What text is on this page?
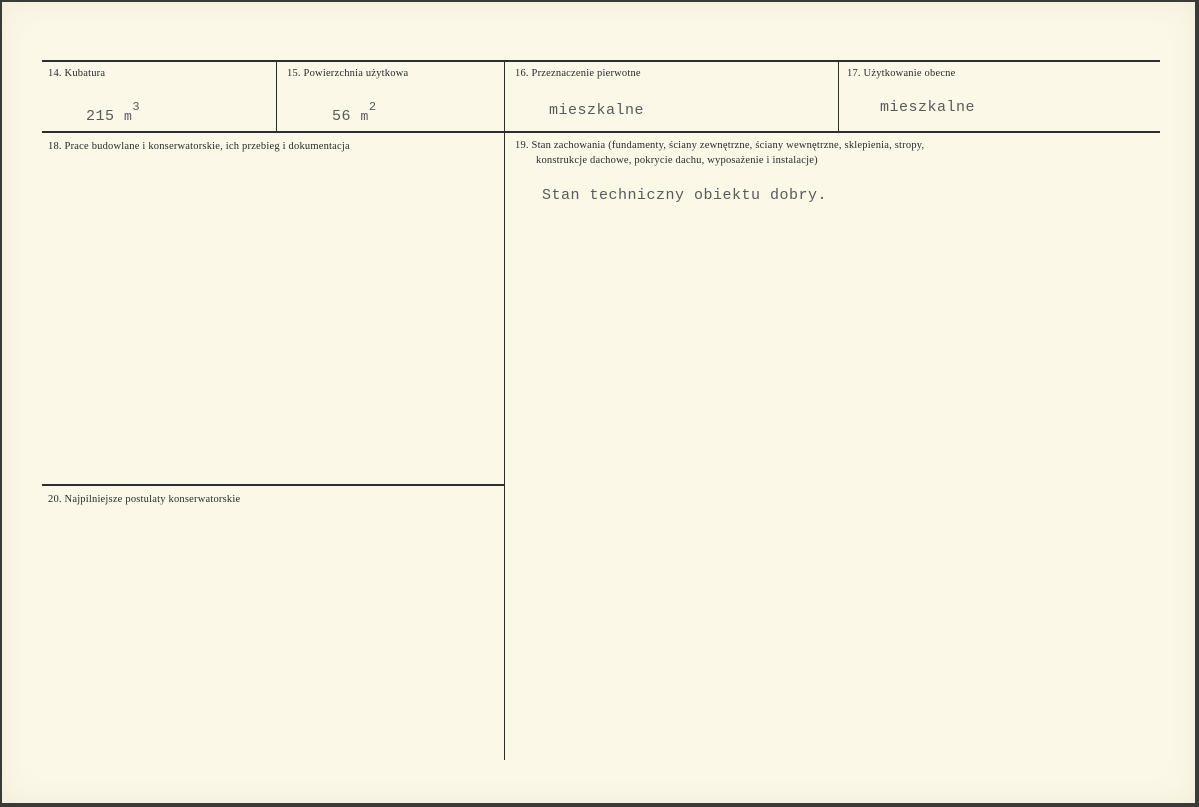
14. Kubatura
215 $m^3$
15. Powierzchnia użytkowa
56 $m^2$
16. Przeznaczenie pierwotne
mieszkalne
17. Użytkowanie obecne
mieszkalne
18. Prace budowlane i konserwatorskie, ich przebieg i dokumentacja	19. Stan zachowania (fundamenty, ściany zewnętrzne, ściany wewnętrzne, sklepienia, stropy,
konstrukcje dachowe, pokrycie dachu, wyposażenie i instalacje)
Stan techniczny obiektu dobry.
20. Najpilniejsze postulaty konserwatorskie
